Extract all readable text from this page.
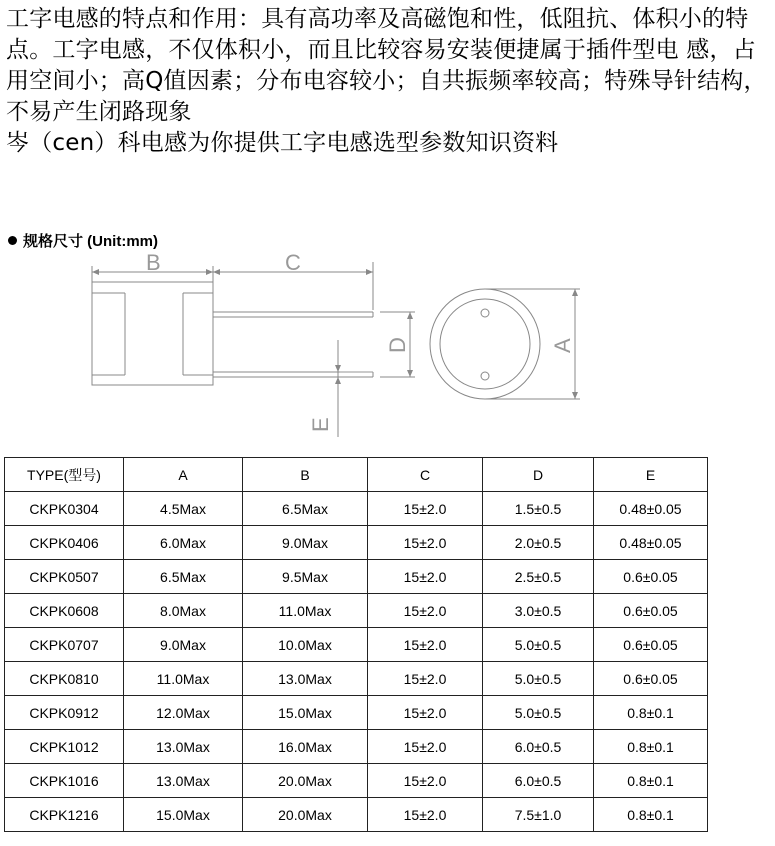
工字电感的特点和作用：具有高功率及高磁饱和性，低阻抗、体积小的特点。工字电感，不仅体积小，而且比较容易安装便捷属于插件型电 感，占用空间小；高Q值因素；分布电容较小；自共振频率较高；特殊导针结构，不易产生闭路现象

岑（cen）科电感为你提供工字电感选型参数知识资料

规格尺寸 (Unit:mm)
B	C
D	A
E
TYPE(型号)	A	B	C	D	E
CKPK0304	4.5Max	6.5Max	15±2.0	1.5±0.5	0.48±0.05
CKPK0406	6.0Max	9.0Max	15±2.0	2.0±0.5	0.48±0.05
CKPK0507	6.5Max	9.5Max	15±2.0	2.5±0.5	0.6±0.05
CKPK0608	8.0Max	11.0Max	15±2.0	3.0±0.5	0.6±0.05
CKPK0707	9.0Max	10.0Max	15±2.0	5.0±0.5	0.6±0.05
CKPK0810	11.0Max	13.0Max	15±2.0	5.0±0.5	0.6±0.05
CKPK0912	12.0Max	15.0Max	15±2.0	5.0±0.5	0.8±0.1
CKPK1012	13.0Max	16.0Max	15±2.0	6.0±0.5	0.8±0.1
CKPK1016	13.0Max	20.0Max	15±2.0	6.0±0.5	0.8±0.1
CKPK1216	15.0Max	20.0Max	15±2.0	7.5±1.0	0.8±0.1
